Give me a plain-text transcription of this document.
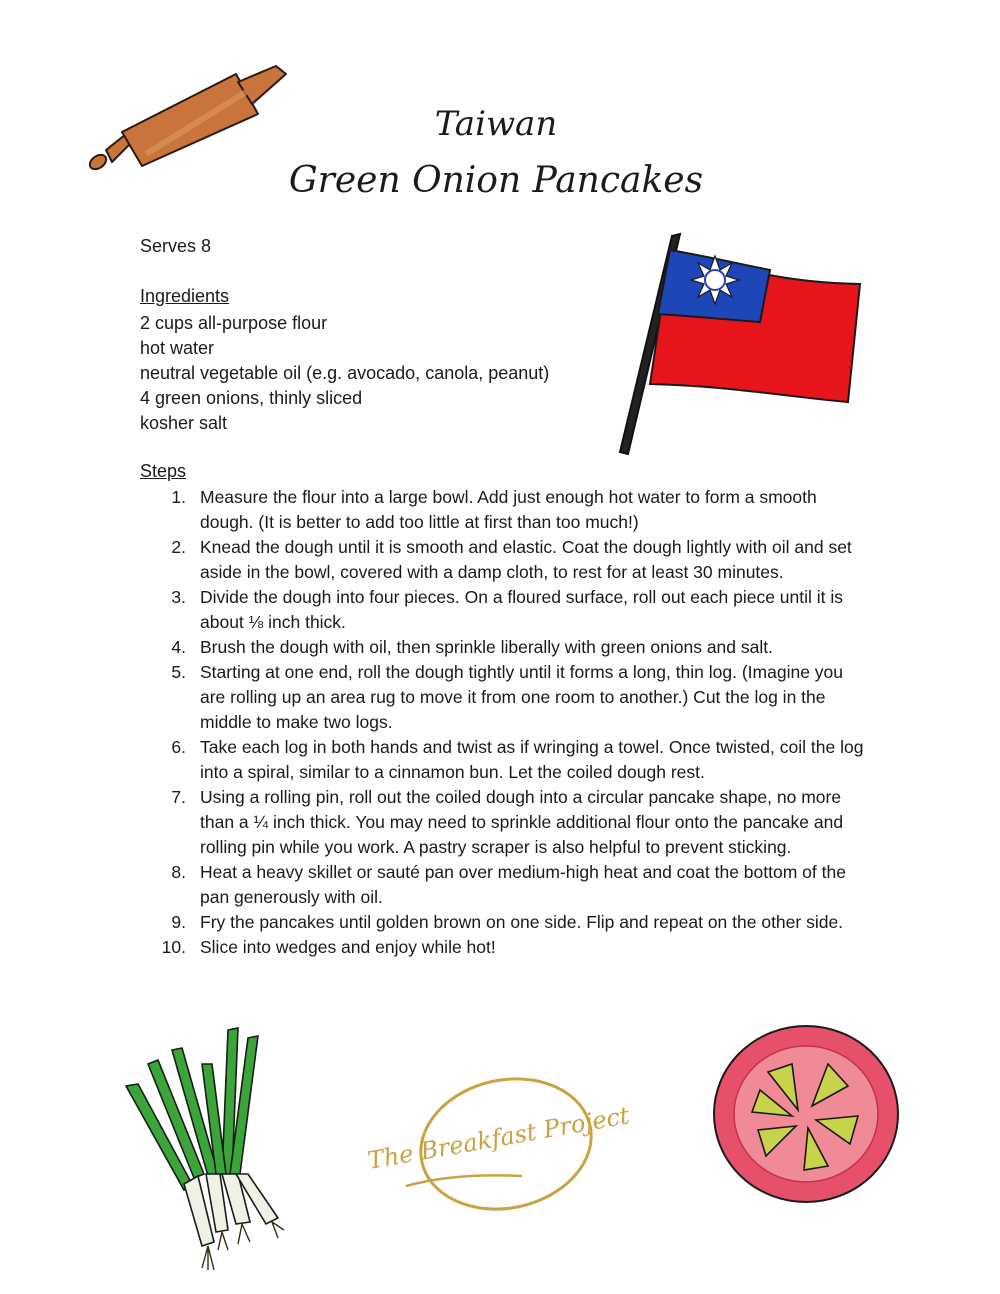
Taiwan
Green Onion Pancakes
Serves 8
Ingredients
2 cups all-purpose flour
hot water
neutral vegetable oil (e.g. avocado, canola, peanut)
4 green onions, thinly sliced
kosher salt
Steps
1. Measure the flour into a large bowl. Add just enough hot water to form a smooth dough. (It is better to add too little at first than too much!)
2. Knead the dough until it is smooth and elastic. Coat the dough lightly with oil and set aside in the bowl, covered with a damp cloth, to rest for at least 30 minutes.
3. Divide the dough into four pieces. On a floured surface, roll out each piece until it is about ⅛ inch thick.
4. Brush the dough with oil, then sprinkle liberally with green onions and salt.
5. Starting at one end, roll the dough tightly until it forms a long, thin log. (Imagine you are rolling up an area rug to move it from one room to another.) Cut the log in the middle to make two logs.
6. Take each log in both hands and twist as if wringing a towel. Once twisted, coil the log into a spiral, similar to a cinnamon bun. Let the coiled dough rest.
7. Using a rolling pin, roll out the coiled dough into a circular pancake shape, no more than a ¼ inch thick. You may need to sprinkle additional flour onto the pancake and rolling pin while you work. A pastry scraper is also helpful to prevent sticking.
8. Heat a heavy skillet or sauté pan over medium-high heat and coat the bottom of the pan generously with oil.
9. Fry the pancakes until golden brown on one side. Flip and repeat on the other side.
10. Slice into wedges and enjoy while hot!
The Breakfast Project
